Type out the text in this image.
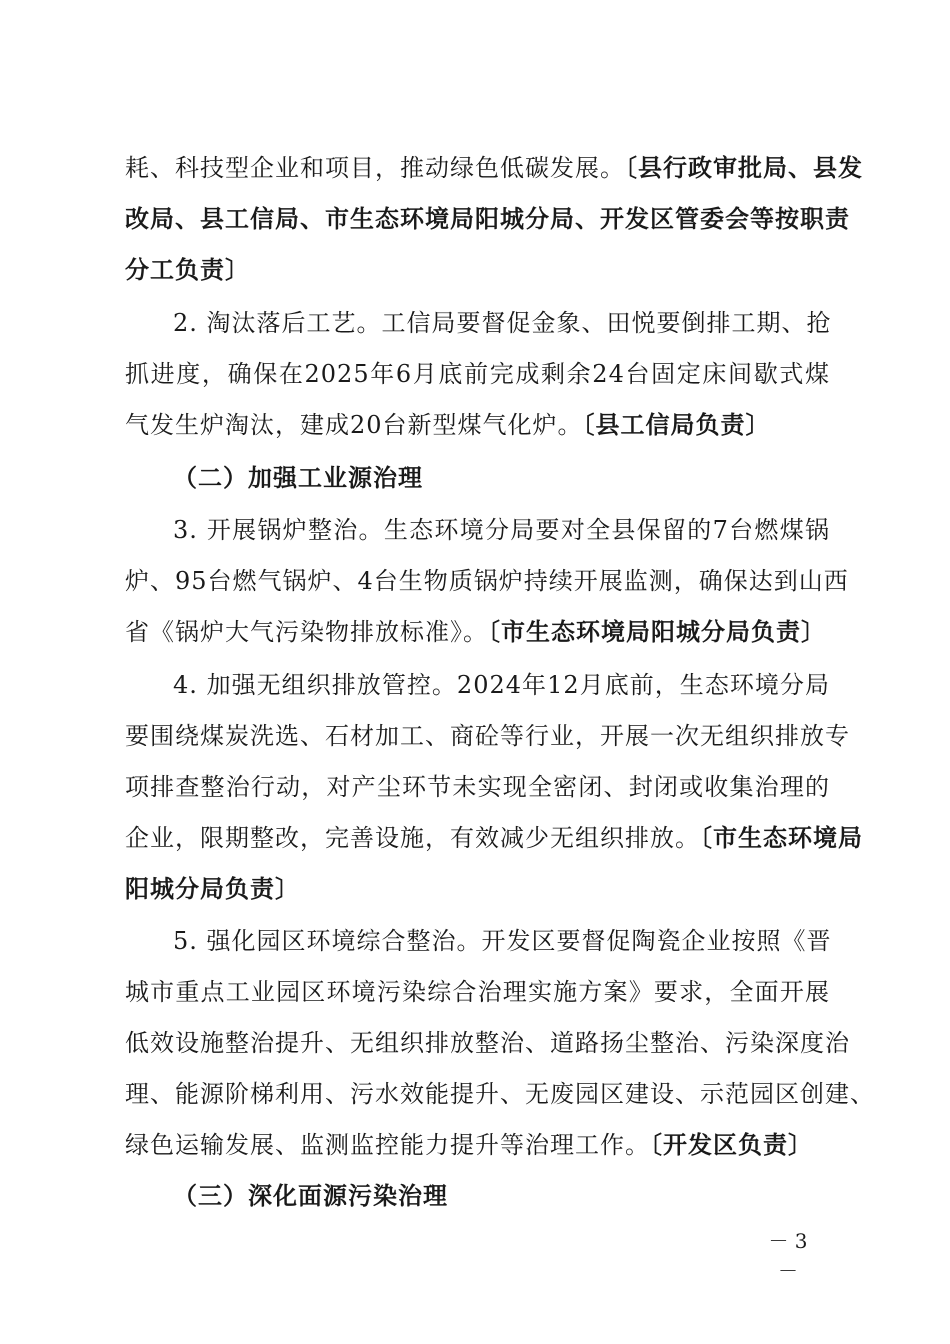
耗、科技型企业和项目，推动绿色低碳发展。〔县行政审批局、县发
改局、县工信局、市生态环境局阳城分局、开发区管委会等按职责
分工负责〕
2. 淘汰落后工艺。工信局要督促金象、田悦要倒排工期、抢
抓进度，确保在2025年6月底前完成剩余24台固定床间歇式煤
气发生炉淘汰，建成20台新型煤气化炉。〔县工信局负责〕
（二）加强工业源治理
3. 开展锅炉整治。生态环境分局要对全县保留的7台燃煤锅
炉、95台燃气锅炉、4台生物质锅炉持续开展监测，确保达到山西
省《锅炉大气污染物排放标准》。〔市生态环境局阳城分局负责〕
4. 加强无组织排放管控。2024年12月底前，生态环境分局
要围绕煤炭洗选、石材加工、商砼等行业，开展一次无组织排放专
项排查整治行动，对产尘环节未实现全密闭、封闭或收集治理的
企业，限期整改，完善设施，有效减少无组织排放。〔市生态环境局
阳城分局负责〕
5. 强化园区环境综合整治。开发区要督促陶瓷企业按照《晋
城市重点工业园区环境污染综合治理实施方案》要求，全面开展
低效设施整治提升、无组织排放整治、道路扬尘整治、污染深度治
理、能源阶梯利用、污水效能提升、无废园区建设、示范园区创建、
绿色运输发展、监测监控能力提升等治理工作。〔开发区负责〕
（三）深化面源污染治理
－ 3 －
